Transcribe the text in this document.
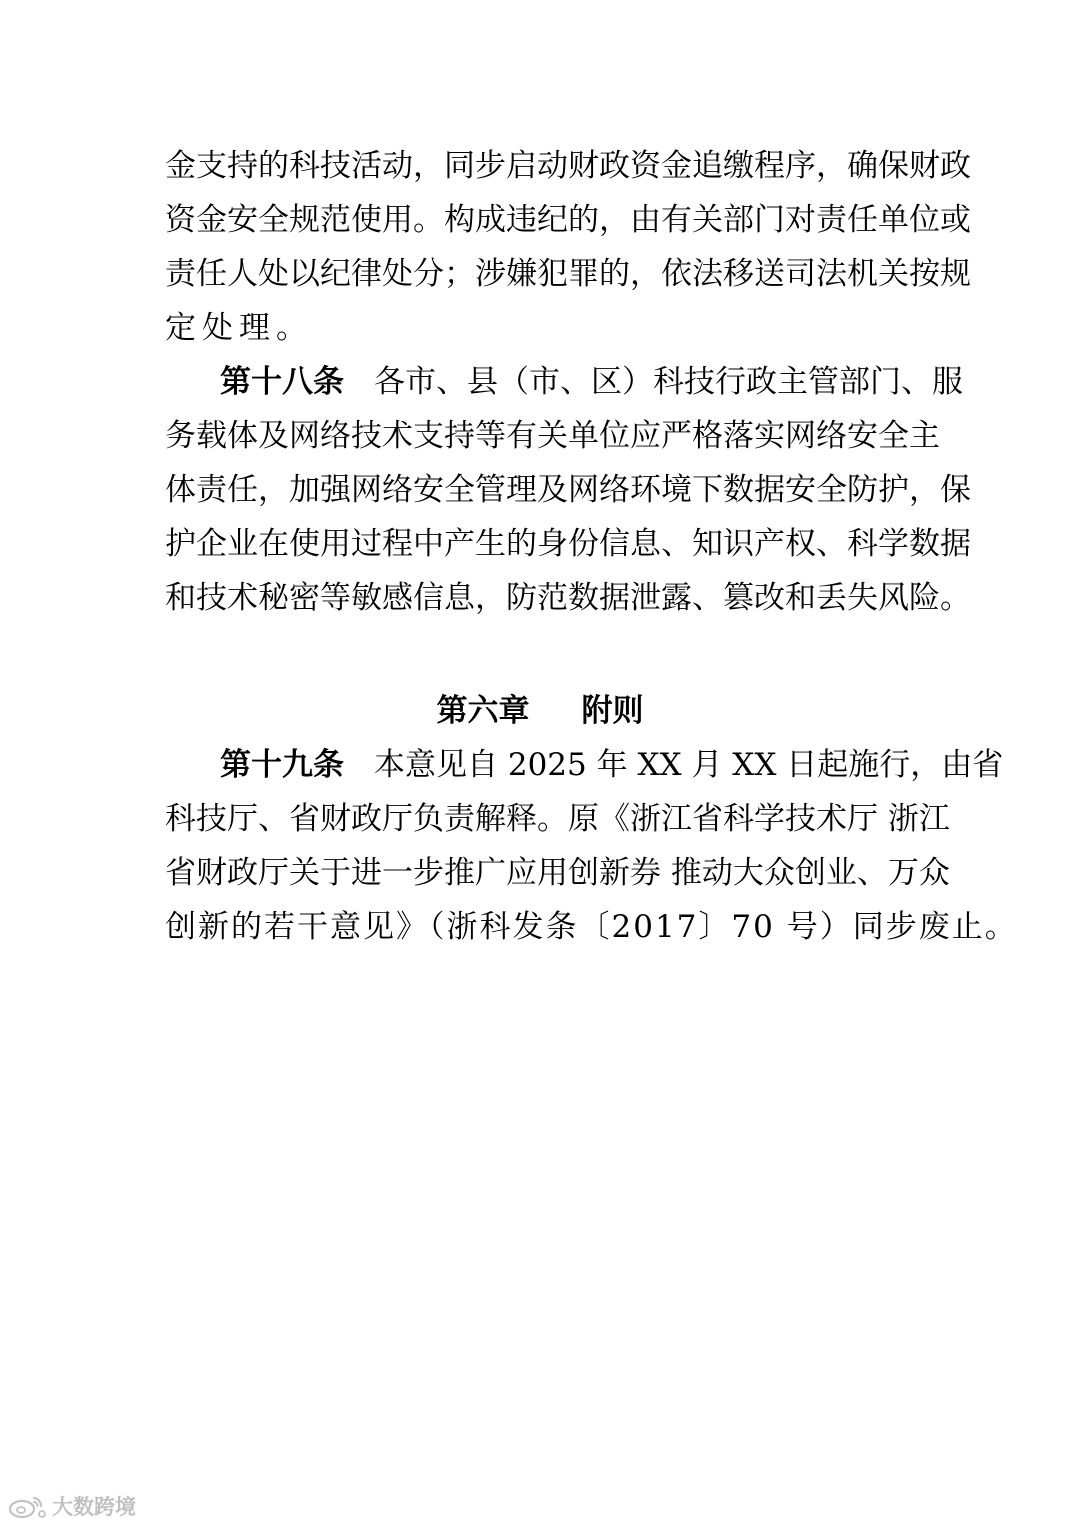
金支持的科技活动，同步启动财政资金追缴程序，确保财政
资金安全规范使用。构成违纪的，由有关部门对责任单位或
责任人处以纪律处分；涉嫌犯罪的，依法移送司法机关按规
定处理。
第十八条 各市、县（市、区）科技行政主管部门、服
务载体及网络技术支持等有关单位应严格落实网络安全主
体责任，加强网络安全管理及网络环境下数据安全防护，保
护企业在使用过程中产生的身份信息、知识产权、科学数据
和技术秘密等敏感信息，防范数据泄露、篡改和丢失风险。
第六章 附则
第十九条 本意见自 2025 年 XX 月 XX 日起施行，由省
科技厅、省财政厅负责解释。原《浙江省科学技术厅 浙江
省财政厅关于进一步推广应用创新券 推动大众创业、万众
创新的若干意见》（浙科发条〔2017〕70 号）同步废止。
大数跨境
